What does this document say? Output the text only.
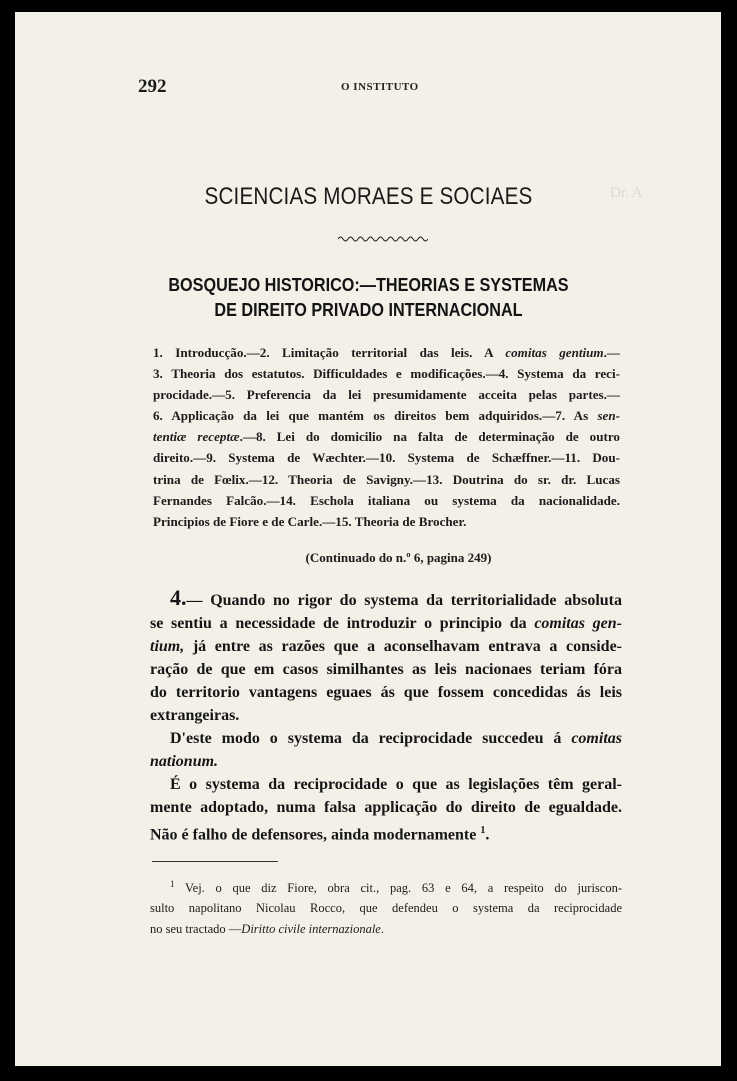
Dr. A
292	O INSTITUTO
SCIENCIAS MORAES E SOCIAES
BOSQUEJO HISTORICO:—THEORIAS E SYSTEMAS
DE DIREITO PRIVADO INTERNACIONAL
1. Introducção.—2. Limitação territorial das leis. A comitas gentium.—
3. Theoria dos estatutos. Difficuldades e modificações.—4. Systema da reci-
procidade.—5. Preferencia da lei presumidamente acceita pelas partes.—
6. Applicação da lei que mantém os direitos bem adquiridos.—7. As sen-
tentiæ receptæ.—8. Lei do domicilio na falta de determinação de outro
direito.—9. Systema de Wæchter.—10. Systema de Schæffner.—11. Dou-
trina de Fœlix.—12. Theoria de Savigny.—13. Doutrina do sr. dr. Lucas
Fernandes Falcão.—14. Eschola italiana ou systema da nacionalidade.
Principios de Fiore e de Carle.—15. Theoria de Brocher.
(Continuado do n.º 6, pagina 249)
4.— Quando no rigor do systema da territorialidade absoluta
se sentiu a necessidade de introduzir o principio da comitas gen-
tium, já entre as razões que a aconselhavam entrava a conside-
ração de que em casos similhantes as leis nacionaes teriam fóra
do territorio vantagens eguaes ás que fossem concedidas ás leis
extrangeiras.
D'este modo o systema da reciprocidade succedeu á comitas
nationum.
É o systema da reciprocidade o que as legislações têm geral-
mente adoptado, numa falsa applicação do direito de egualdade.
Não é falho de defensores, ainda modernamente $^1$.
$^1$ Vej. o que diz Fiore, obra cit., pag. 63 e 64, a respeito do juriscon-
sulto napolitano Nicolau Rocco, que defendeu o systema da reciprocidade
no seu tractado —Diritto civile internazionale.
